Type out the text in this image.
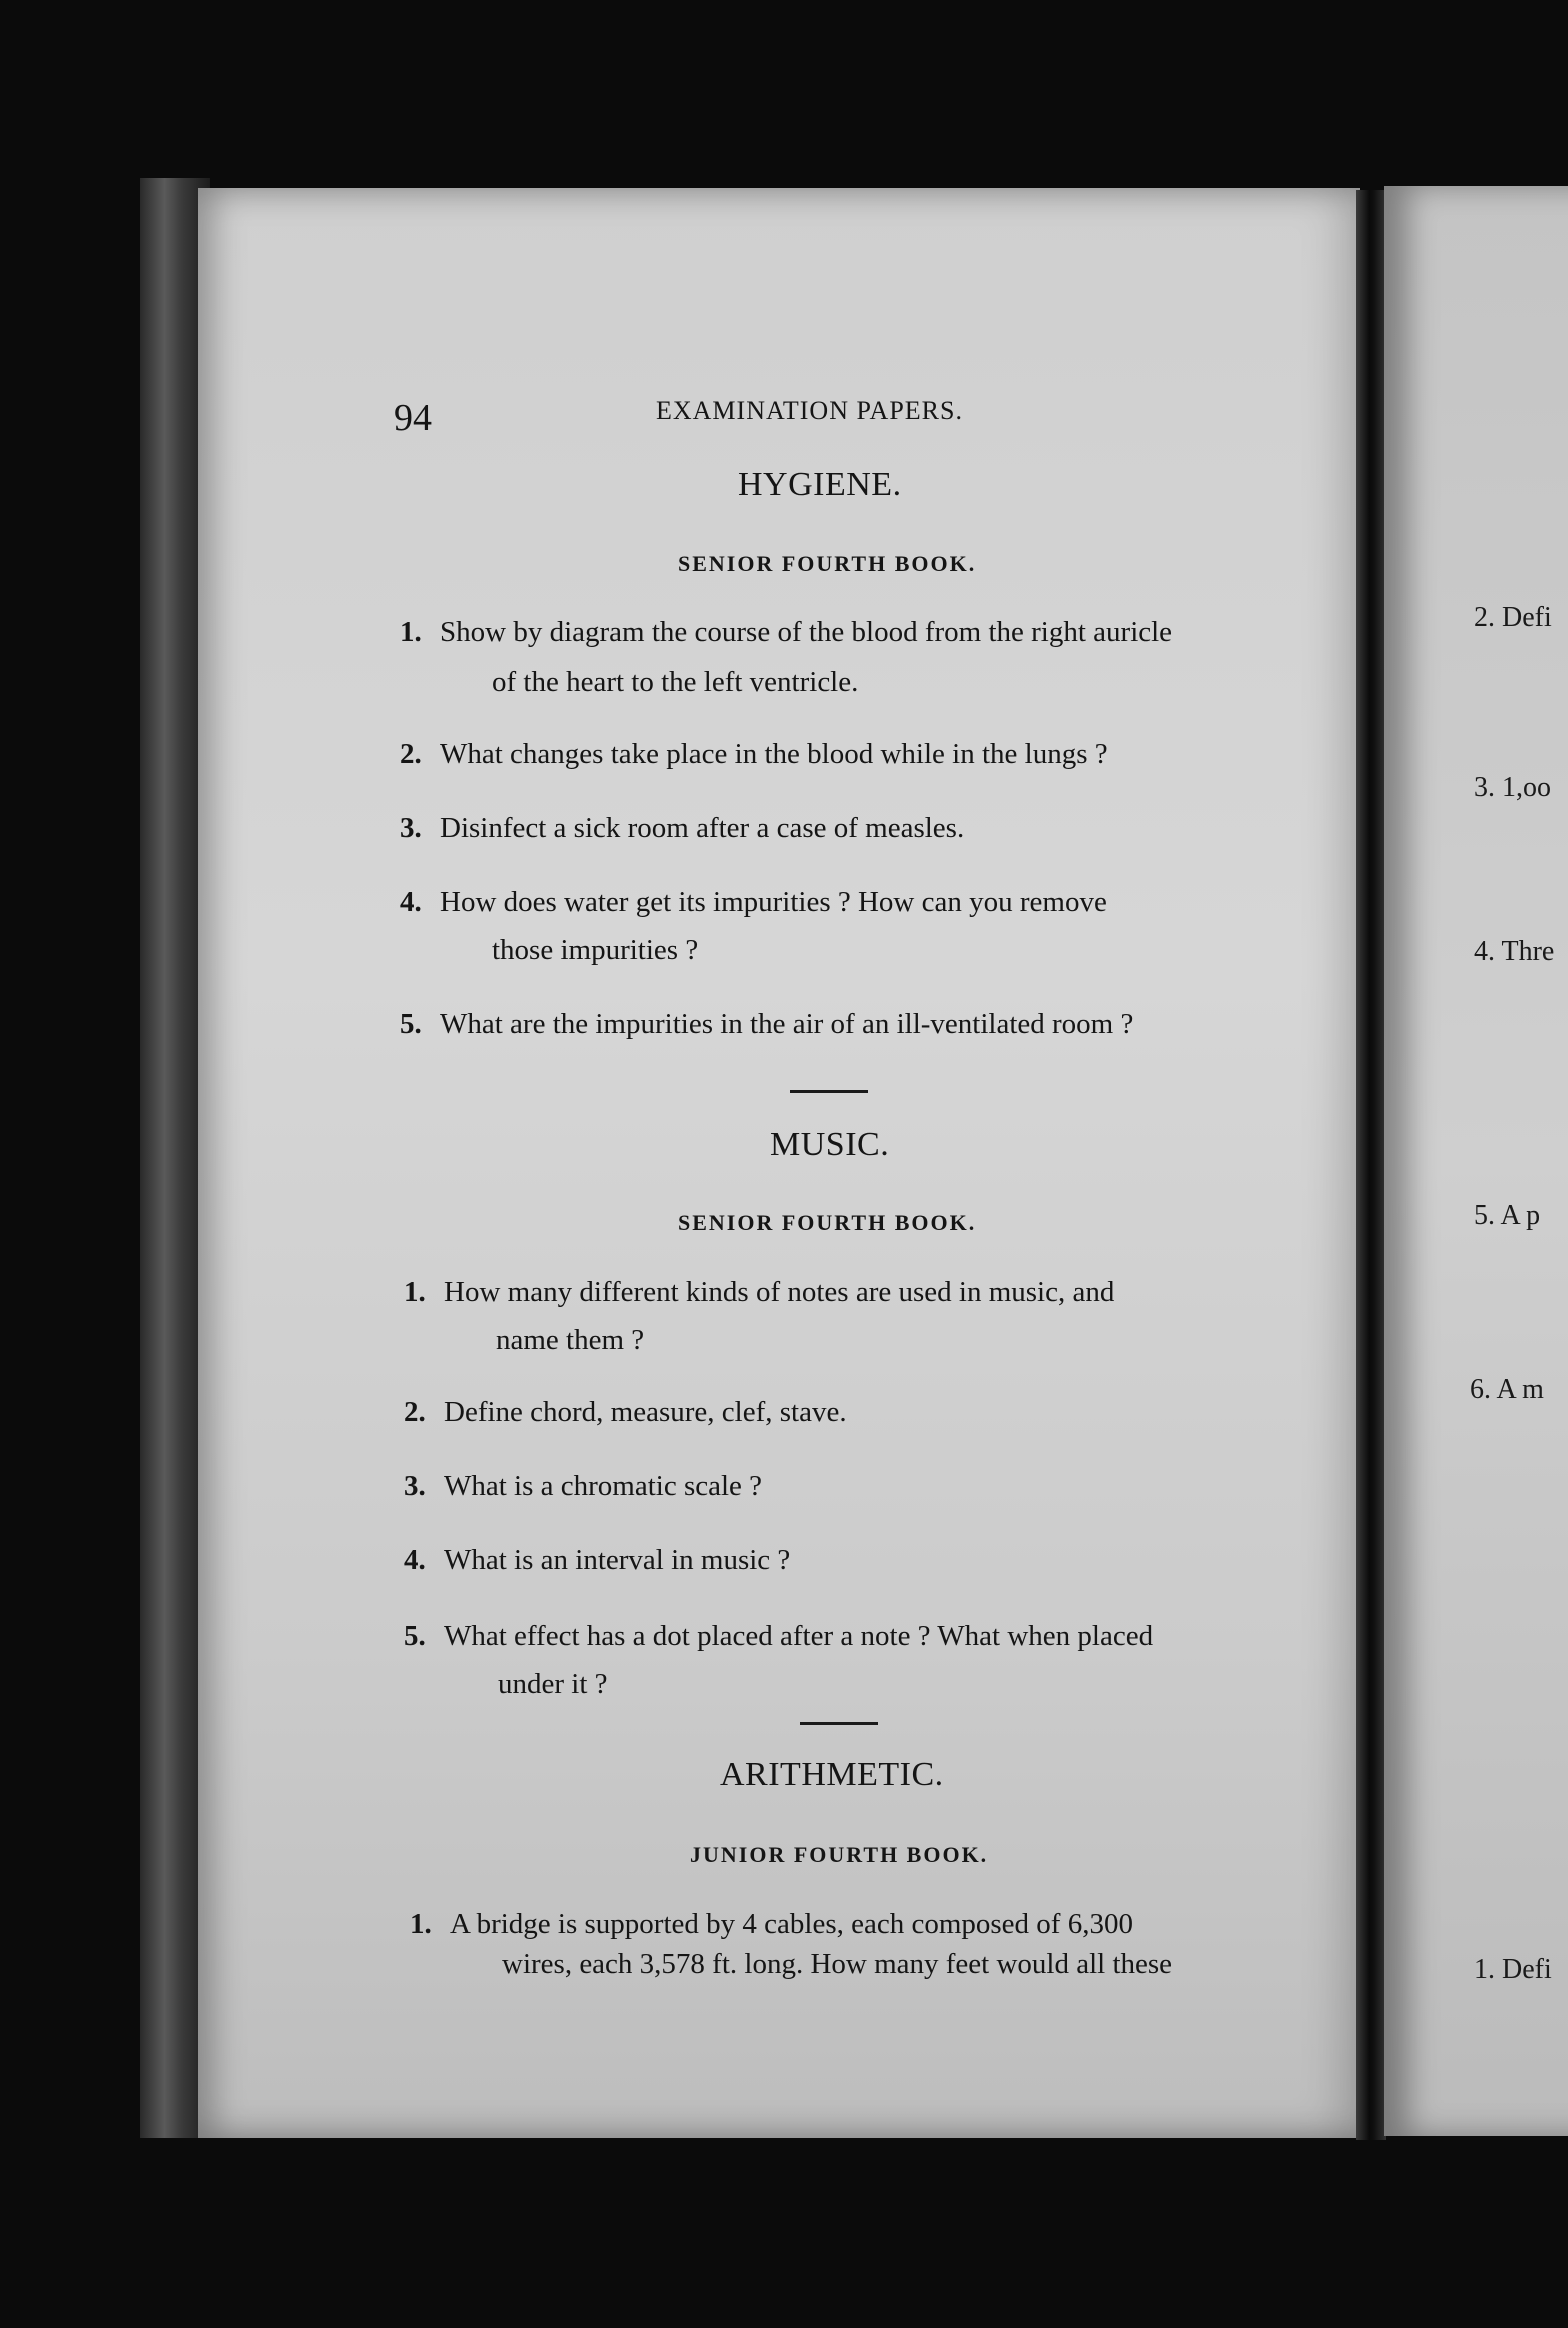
94	EXAMINATION PAPERS.
HYGIENE.
SENIOR FOURTH BOOK.
1. Show by diagram the course of the blood from the right auricle
of the heart to the left ventricle.
2. What changes take place in the blood while in the lungs ?
3. Disinfect a sick room after a case of measles.
4. How does water get its impurities ? How can you remove
those impurities ?
5. What are the impurities in the air of an ill-ventilated room ?
MUSIC.
SENIOR FOURTH BOOK.
1. How many different kinds of notes are used in music, and
name them ?
2. Define chord, measure, clef, stave.
3. What is a chromatic scale ?
4. What is an interval in music ?
5. What effect has a dot placed after a note ? What when placed
under it ?
ARITHMETIC.
JUNIOR FOURTH BOOK.
1. A bridge is supported by 4 cables, each composed of 6,300
wires, each 3,578 ft. long. How many feet would all these
2. Defi
3. 1,oo
4. Thre
5. A p
6. A m
1. Defi
